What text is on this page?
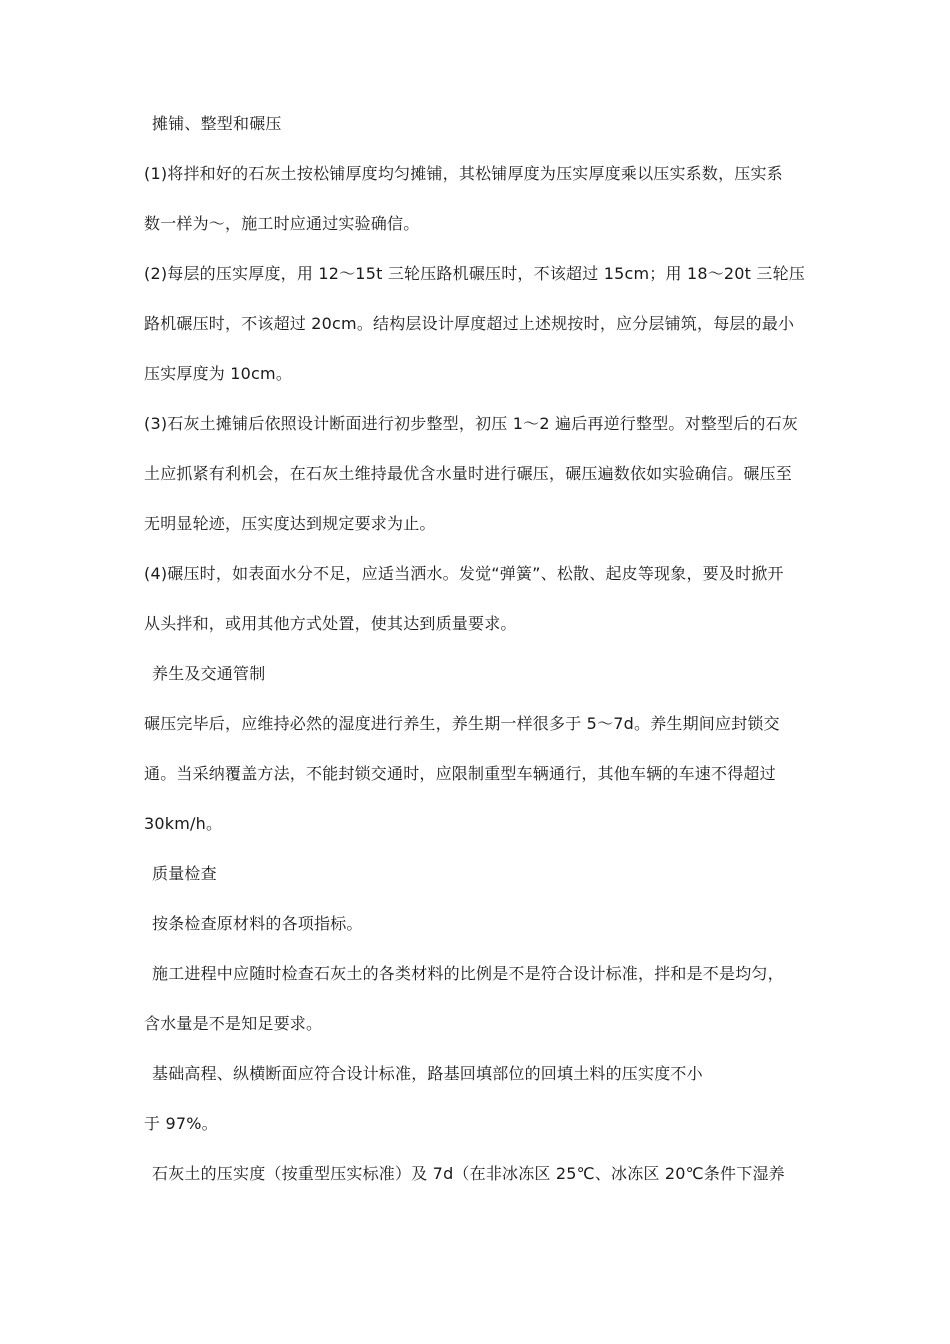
摊铺、整型和碾压
(1)将拌和好的石灰土按松铺厚度均匀摊铺，其松铺厚度为压实厚度乘以压实系数，压实系
数一样为～，施工时应通过实验确信。
(2)每层的压实厚度，用 12～15t 三轮压路机碾压时，不该超过 15cm；用 18～20t 三轮压
路机碾压时，不该超过 20cm。结构层设计厚度超过上述规按时，应分层铺筑，每层的最小
压实厚度为 10cm。
(3)石灰土摊铺后依照设计断面进行初步整型，初压 1～2 遍后再逆行整型。对整型后的石灰
土应抓紧有利机会，在石灰土维持最优含水量时进行碾压，碾压遍数依如实验确信。碾压至
无明显轮迹，压实度达到规定要求为止。
(4)碾压时，如表面水分不足，应适当洒水。发觉“弹簧”、松散、起皮等现象，要及时掀开
从头拌和，或用其他方式处置，使其达到质量要求。
养生及交通管制
碾压完毕后，应维持必然的湿度进行养生，养生期一样很多于 5～7d。养生期间应封锁交
通。当采纳覆盖方法，不能封锁交通时，应限制重型车辆通行，其他车辆的车速不得超过
30km/h。
质量检查
按条检查原材料的各项指标。
施工进程中应随时检查石灰土的各类材料的比例是不是符合设计标准，拌和是不是均匀，
含水量是不是知足要求。
基础高程、纵横断面应符合设计标准，路基回填部位的回填土料的压实度不小
于 97%。
石灰土的压实度（按重型压实标准）及 7d（在非冰冻区 25℃、冰冻区 20℃条件下湿养
